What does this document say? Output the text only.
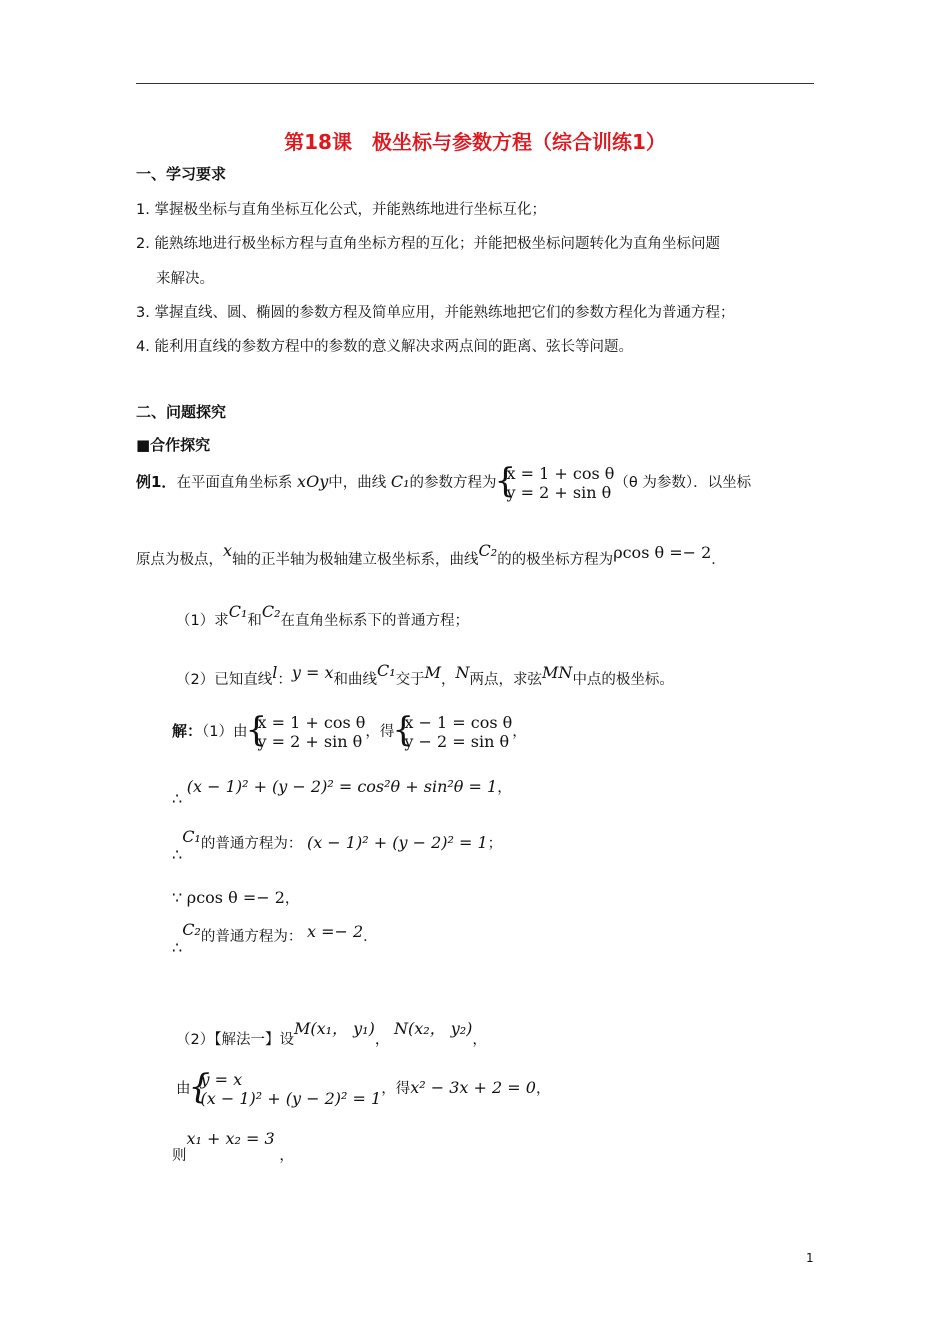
第18课　极坐标与参数方程（综合训练1）
一、学习要求
1. 掌握极坐标与直角坐标互化公式，并能熟练地进行坐标互化；
2. 能熟练地进行极坐标方程与直角坐标方程的互化；并能把极坐标问题转化为直角坐标问题
来解决。
3. 掌握直线、圆、椭圆的参数方程及简单应用，并能熟练地把它们的参数方程化为普通方程；
4. 能利用直线的参数方程中的参数的意义解决求两点间的距离、弦长等问题。
二、问题探究
■合作探究
例1．在平面直角坐标系 xOy中，曲线 C₁的参数方程为 { x = 1 + cos θ
y = 2 + sin θ （θ 为参数）．以坐标
原点为极点，x轴的正半轴为极轴建立极坐标系，曲线C₂的的极坐标方程为ρcos θ =− 2．
（1）求C₁和C₂在直角坐标系下的普通方程；
（2）已知直线l：y = x和曲线C₁交于M，N两点，求弦MN中点的极坐标。
解：（1）由 { x = 1 + cos θ
y = 2 + sin θ ，得 { x − 1 = cos θ
y − 2 = sin θ ，
∴ (x − 1)² + (y − 2)² = cos²θ + sin²θ = 1，
∴C₁的普通方程为： (x − 1)² + (y − 2)² = 1；
∵ ρcos θ =− 2，
∴C₂的普通方程为： x =− 2．
（2）【解法一】设M(x₁， y₁)， N(x₂， y₂)，
由 { y = x
(x − 1)² + (y − 2)² = 1 ，得x² − 3x + 2 = 0，
则x₁ + x₂ = 3 ，
1
